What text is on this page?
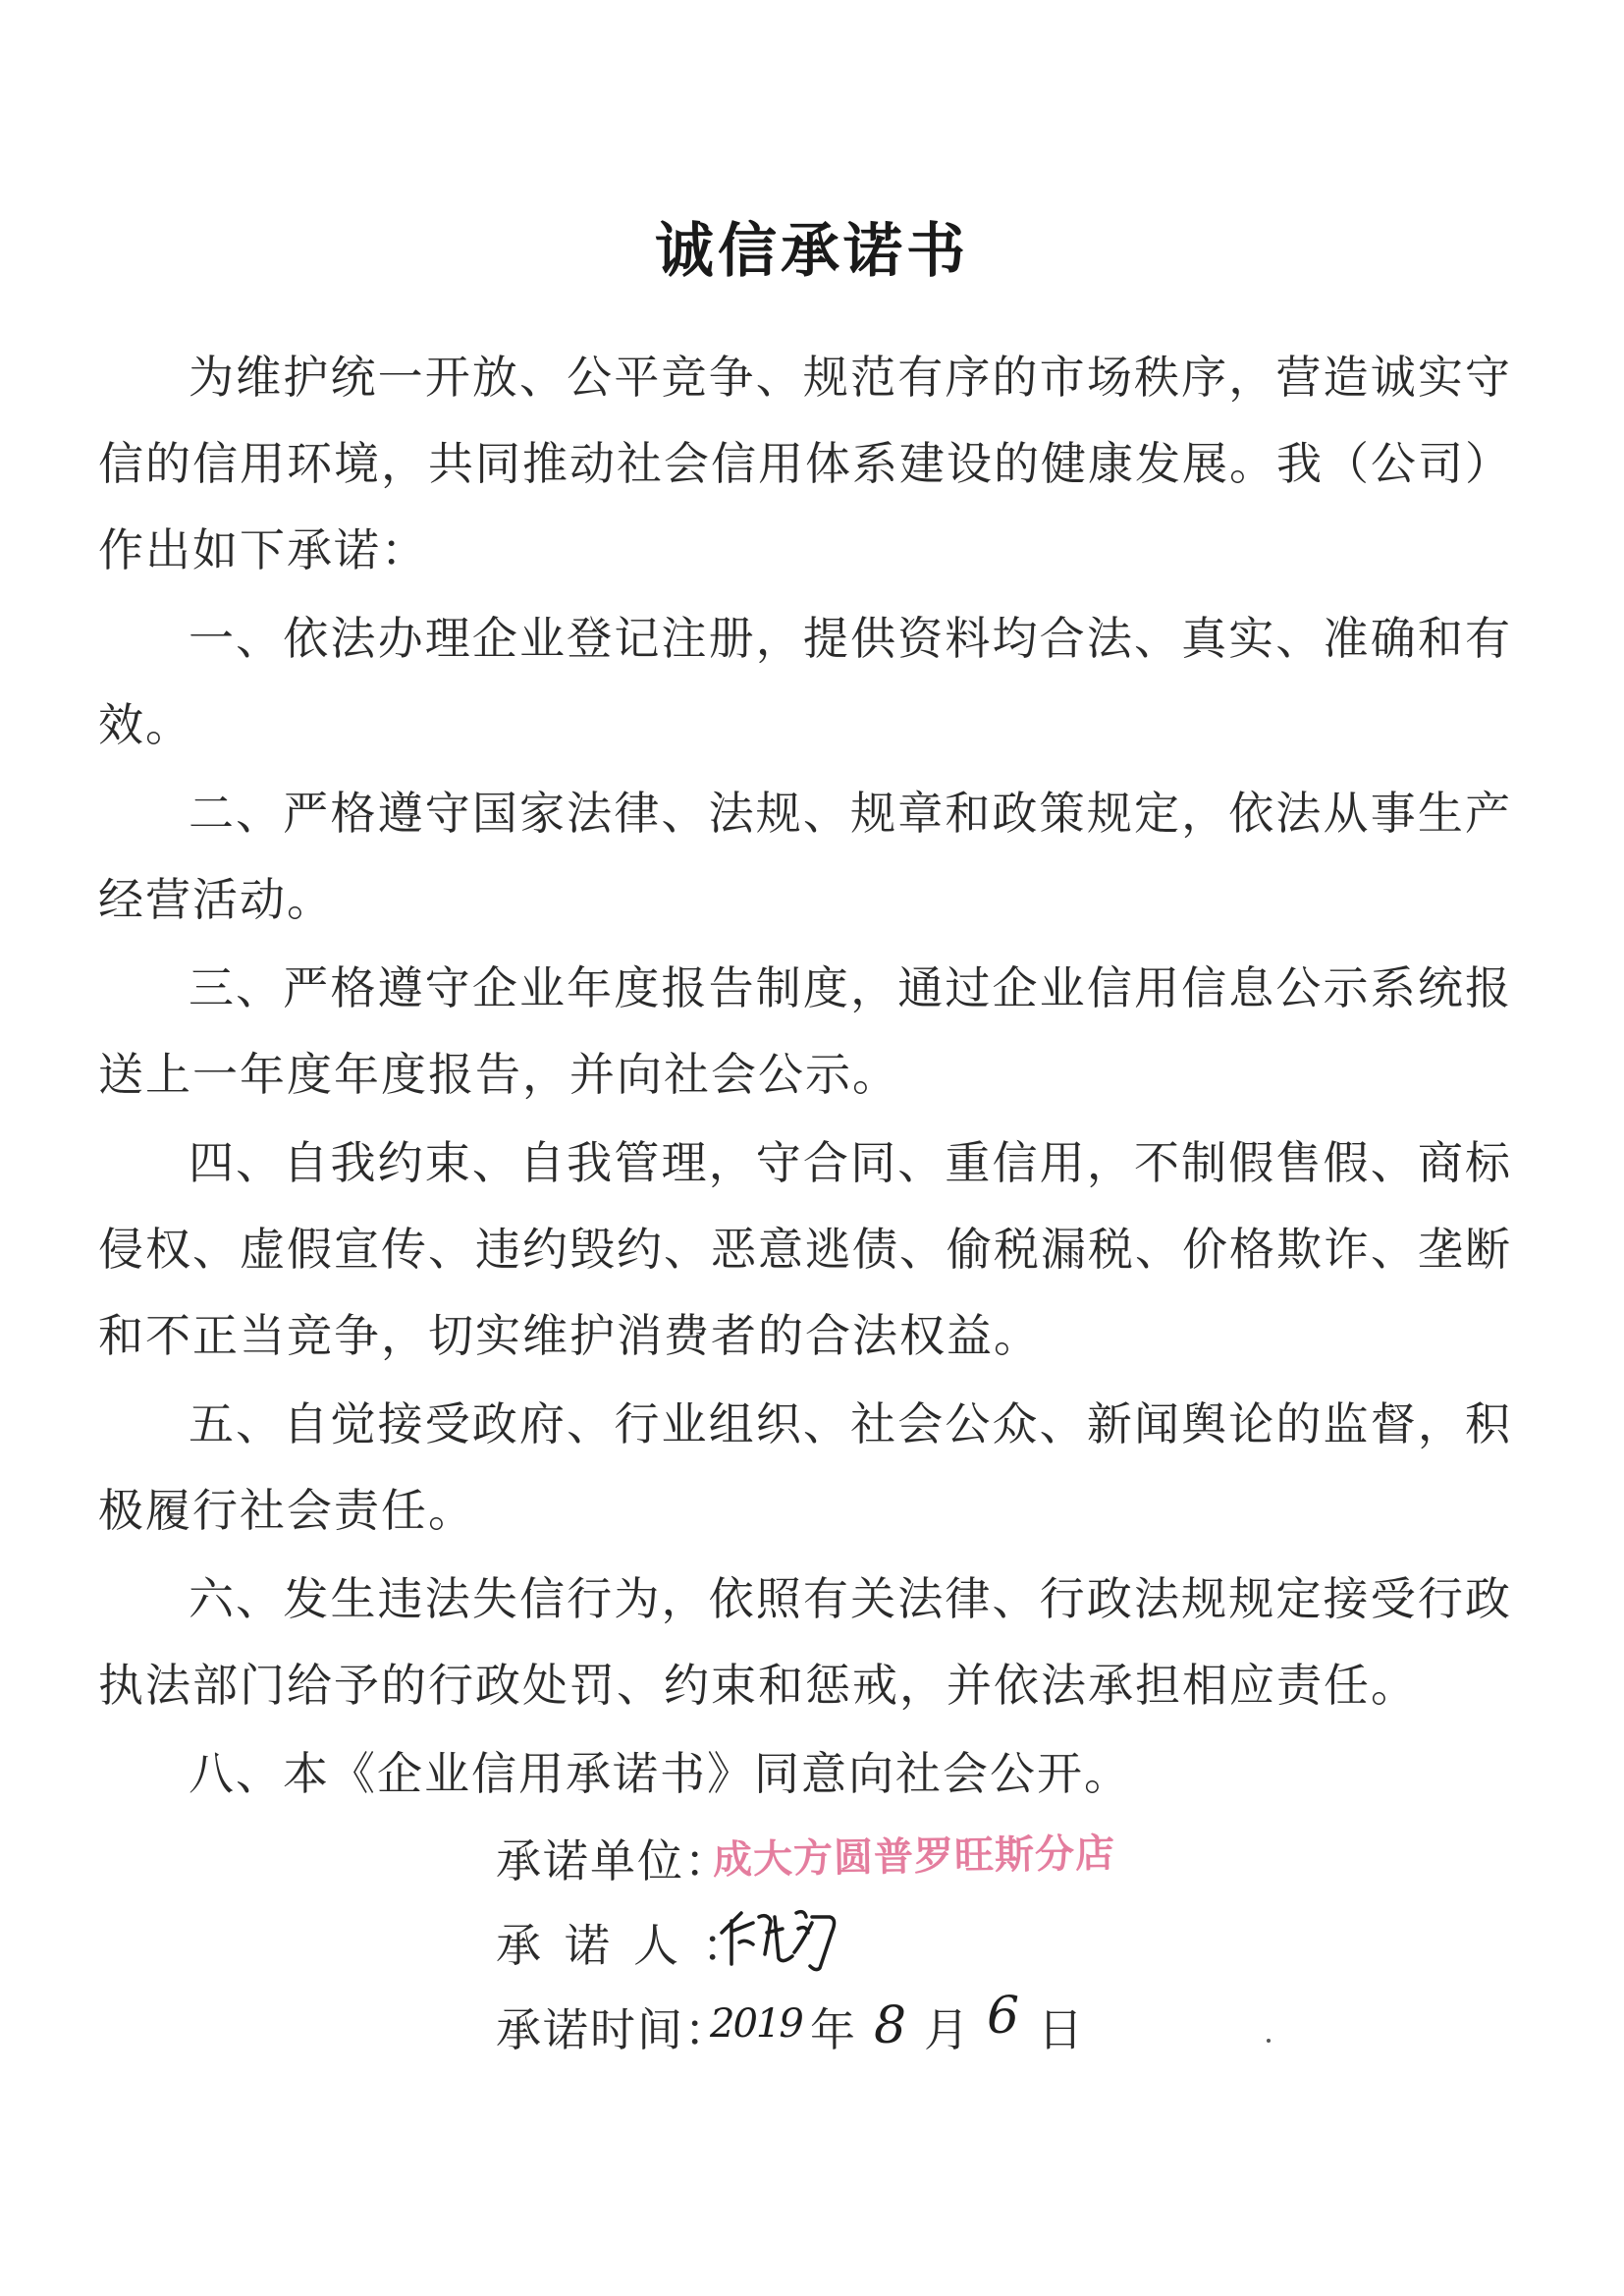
诚信承诺书

为维护统一开放、公平竞争、规范有序的市场秩序，营造诚实守信的信用环境，共同推动社会信用体系建设的健康发展。我（公司）作出如下承诺：

一、依法办理企业登记注册，提供资料均合法、真实、准确和有效。

二、严格遵守国家法律、法规、规章和政策规定，依法从事生产经营活动。

三、严格遵守企业年度报告制度，通过企业信用信息公示系统报送上一年度年度报告，并向社会公示。

四、自我约束、自我管理，守合同、重信用，不制假售假、商标侵权、虚假宣传、违约毁约、恶意逃债、偷税漏税、价格欺诈、垄断和不正当竞争，切实维护消费者的合法权益。

五、自觉接受政府、行业组织、社会公众、新闻舆论的监督，积极履行社会责任。

六、发生违法失信行为，依照有关法律、行政法规规定接受行政执法部门给予的行政处罚、约束和惩戒，并依法承担相应责任。

八、本《企业信用承诺书》同意向社会公开。

承诺单位：
成大方圆普罗旺斯分店
承诺人：
承诺时间：
2019 年 8 月 6 日
